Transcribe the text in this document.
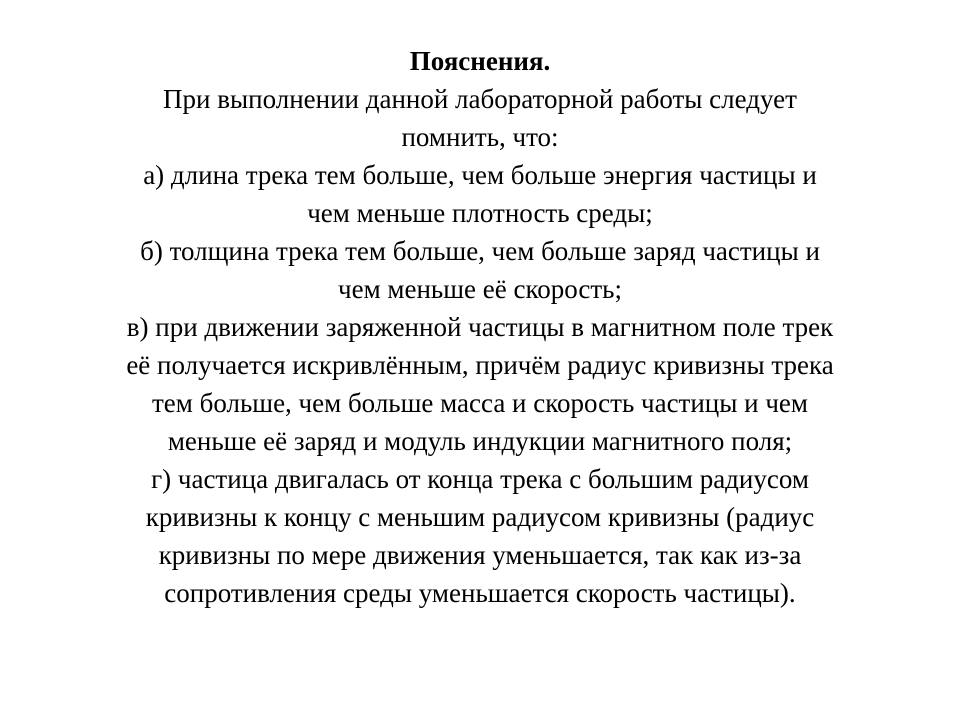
Пояснения.

При выполнении данной лабораторной работы следует

помнить, что:

а) длина трека тем больше, чем больше энергия частицы и

чем меньше плотность среды;

б) толщина трека тем больше, чем больше заряд частицы и

чем меньше её скорость;

в) при движении заряженной частицы в магнитном поле трек

её получается искривлённым, причём радиус кривизны трека

тем больше, чем больше масса и скорость частицы и чем

меньше её заряд и модуль индукции магнитного поля;

г) частица двигалась от конца трека с большим радиусом

кривизны к концу с меньшим радиусом кривизны (радиус

кривизны по мере движения уменьшается, так как из-за

сопротивления среды уменьшается скорость частицы).
